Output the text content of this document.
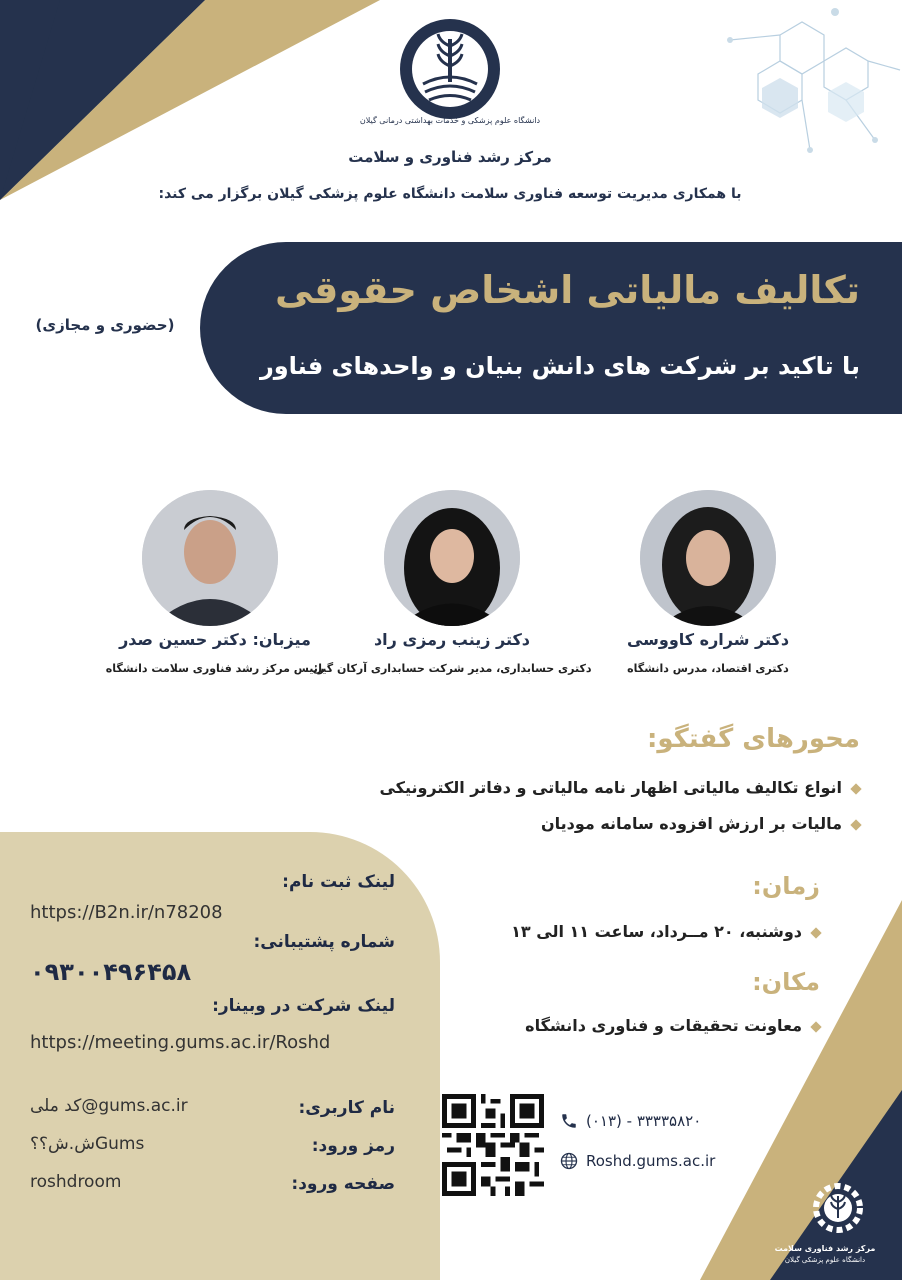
دانشگاه علوم پزشکی و خدمات بهداشتی درمانی گیلان
مرکز رشد فناوری و سلامت
با همکاری مدیریت توسعه فناوری سلامت دانشگاه علوم پزشکی گیلان برگزار می کند:
تکالیف مالیاتی اشخاص حقوقی
با تاکید بر شرکت های دانش بنیان و واحدهای فناور
(حضوری و مجازی)
دکتر شراره کاووسی
دکتری اقتصاد، مدرس دانشگاه
دکتر زینب رمزی راد
دکتری حسابداری، مدیر شرکت حسابداری آرکان گیل
میزبان: دکتر حسین صدر
رئیس مرکز رشد فناوری سلامت دانشگاه
محورهای گفتگو:
انواع تکالیف مالیاتی اظهار نامه مالیاتی و دفاتر الکترونیکی
مالیات بر ارزش افزوده سامانه مودیان
لینک ثبت نام:
https://B2n.ir/n78208
شماره پشتیبانی:
۰۹۳۰۰۴۹۶۴۵۸
لینک شرکت در وبینار:
https://meeting.gums.ac.ir/Roshd
نام کاربری:
کد ملی@gums.ac.ir
رمز ورود:
ش.ش؟؟Gums
صفحه ورود:
roshdroom
زمان:
دوشنبه، ۲۰ مــرداد، ساعت ۱۱ الی ۱۳
مکان:
معاونت تحقیقات و فناوری دانشگاه
(۰۱۳) - ۳۳۳۳۵۸۲۰
Roshd.gums.ac.ir
مرکز رشد فناوری سلامت
دانشگاه علوم پزشکی گیلان
